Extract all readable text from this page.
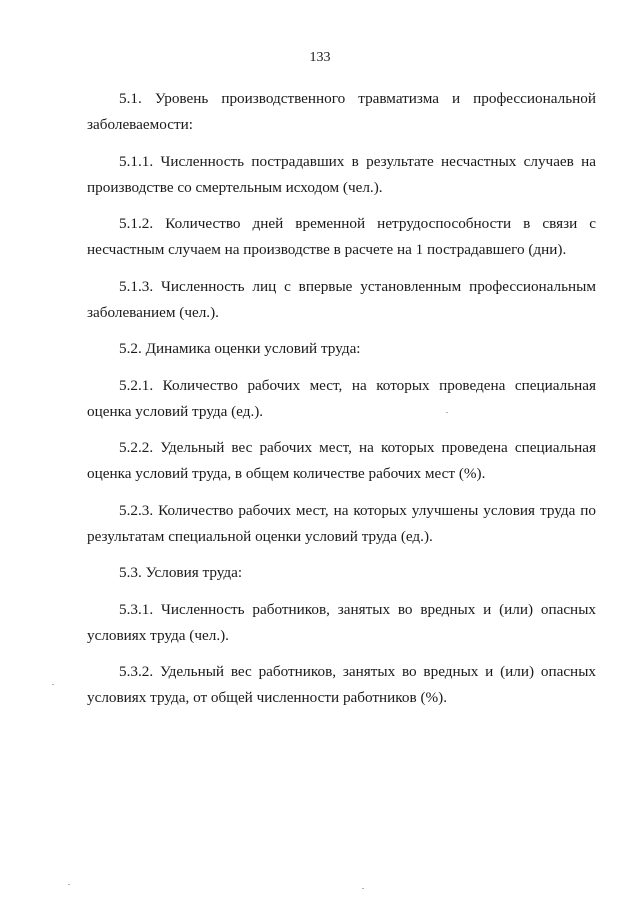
133

5.1. Уровень производственного травматизма и профессиональной заболеваемости:

5.1.1. Численность пострадавших в результате несчастных случаев на производстве со смертельным исходом (чел.).

5.1.2. Количество дней временной нетрудоспособности в связи с несчастным случаем на производстве в расчете на 1 пострадавшего (дни).

5.1.3. Численность лиц с впервые установленным профессиональным заболеванием (чел.).

5.2. Динамика оценки условий труда:

5.2.1. Количество рабочих мест, на которых проведена специальная оценка условий труда (ед.).

5.2.2. Удельный вес рабочих мест, на которых проведена специальная оценка условий труда, в общем количестве рабочих мест (%).

5.2.3. Количество рабочих мест, на которых улучшены условия труда по результатам специальной оценки условий труда (ед.).

5.3. Условия труда:

5.3.1. Численность работников, занятых во вредных и (или) опасных условиях труда (чел.).

5.3.2. Удельный вес работников, занятых во вредных и (или) опасных условиях труда, от общей численности работников (%).
